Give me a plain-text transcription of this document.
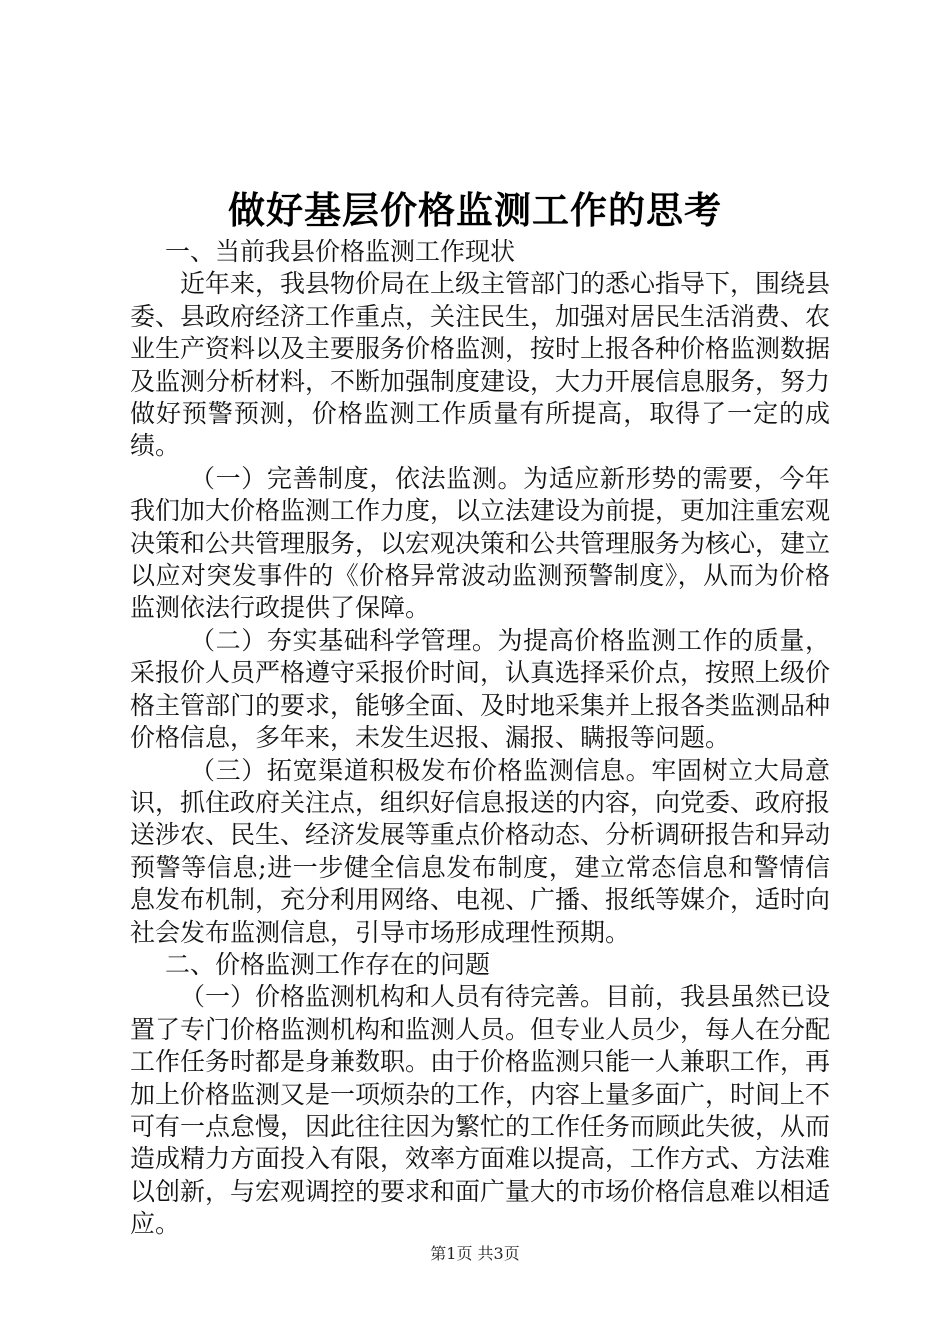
做好基层价格监测工作的思考

一、当前我县价格监测工作现状

近年来，我县物价局在上级主管部门的悉心指导下，围绕县委、县政府经济工作重点，关注民生，加强对居民生活消费、农业生产资料以及主要服务价格监测，按时上报各种价格监测数据及监测分析材料，不断加强制度建设，大力开展信息服务，努力做好预警预测，价格监测工作质量有所提高，取得了一定的成绩。

（一）完善制度，依法监测。为适应新形势的需要，今年我们加大价格监测工作力度，以立法建设为前提，更加注重宏观决策和公共管理服务，以宏观决策和公共管理服务为核心，建立以应对突发事件的《价格异常波动监测预警制度》，从而为价格监测依法行政提供了保障。

（二）夯实基础科学管理。为提高价格监测工作的质量，采报价人员严格遵守采报价时间，认真选择采价点，按照上级价格主管部门的要求，能够全面、及时地采集并上报各类监测品种价格信息，多年来，未发生迟报、漏报、瞒报等问题。

（三）拓宽渠道积极发布价格监测信息。牢固树立大局意识，抓住政府关注点，组织好信息报送的内容，向党委、政府报送涉农、民生、经济发展等重点价格动态、分析调研报告和异动预警等信息;进一步健全信息发布制度，建立常态信息和警情信息发布机制，充分利用网络、电视、广播、报纸等媒介，适时向社会发布监测信息，引导市场形成理性预期。

二、价格监测工作存在的问题

（一）价格监测机构和人员有待完善。目前，我县虽然已设置了专门价格监测机构和监测人员。但专业人员少，每人在分配工作任务时都是身兼数职。由于价格监测只能一人兼职工作，再加上价格监测又是一项烦杂的工作，内容上量多面广，时间上不可有一点怠慢，因此往往因为繁忙的工作任务而顾此失彼，从而造成精力方面投入有限，效率方面难以提高，工作方式、方法难以创新，与宏观调控的要求和面广量大的市场价格信息难以相适应。

第1页 共3页
